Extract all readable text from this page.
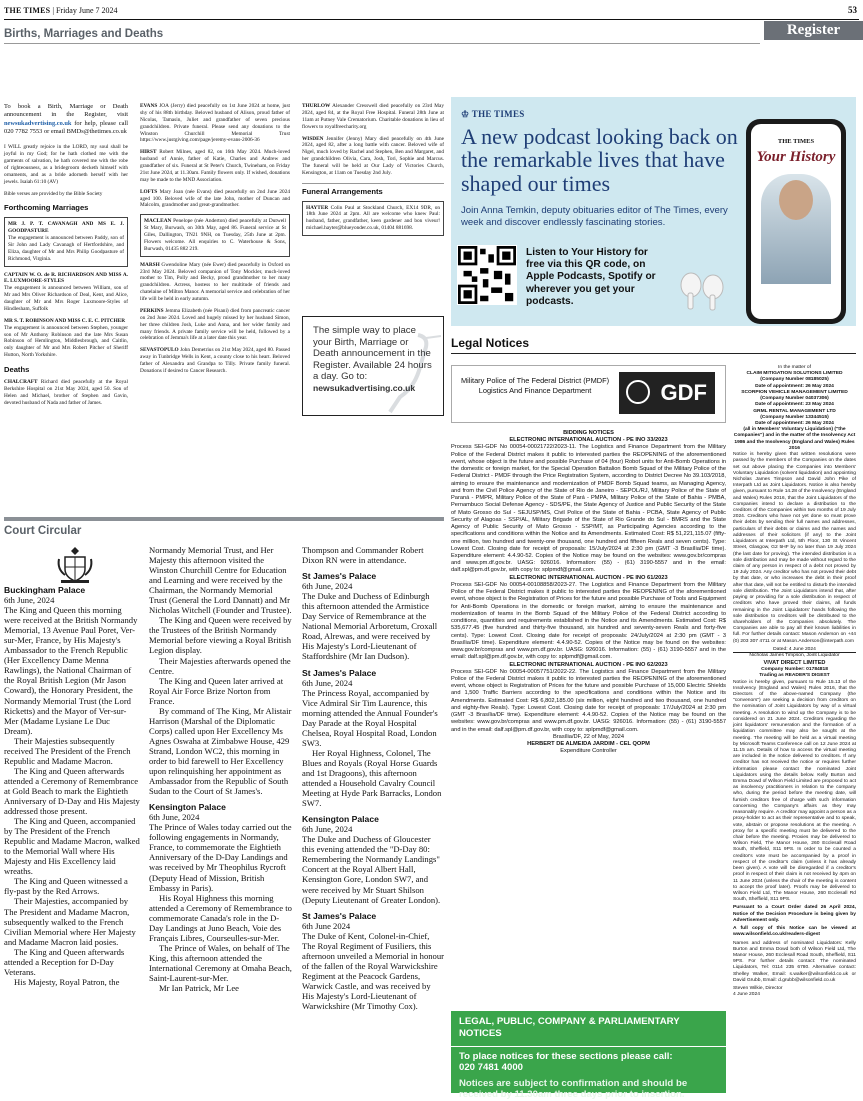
THE TIMES | Friday June 7 2024	53
Register
Births, Marriages and Deaths

To book a Birth, Marriage or Death announcement in the Register, visit newsukadvertising.co.uk for help, please call 020 7782 7553 or email BMDs@thetimes.co.uk

I WILL greatly rejoice in the LORD, my soul shall be joyful in my God; for he hath clothed me with the garments of salvation, he hath covered me with the robe of righteousness, as a bridegroom decketh himself with ornaments, and as a bride adorneth herself with her jewels. Isaiah 61:10 (AV)

Bible verses are provided by the Bible Society

Forthcoming Marriages
MR J. P. T. CAVANAGH AND MS E. J. GOODPASTURE
The engagement is announced between Paddy, son of Sir John and Lady Cavanagh of Hertfordshire, and Eliza, daughter of Mr and Mrs Philip Goodpasture of Richmond, Virginia.

CAPTAIN W. O. de R. RICHARDSON AND MISS A. E. LUXMOORE-STYLES
The engagement is announced between William, son of Mr and Mrs Oliver Richardson of Deal, Kent, and Alice, daughter of Mr and Mrs Roger Luxmoore-Styles of Hindlesham, Suffolk

MR S. T. ROBINSON AND MISS C. E. C. PITCHER
The engagement is announced between Stephen, younger son of Mr Anthony Robinson and the late Mrs Susan Robinson of Hemlington, Middlesbrough, and Caitlin, only daughter of Mr and Mrs Robert Pitcher of Sheriff Hutton, North Yorkshire.

Deaths

CHALCRAFT Richard died peacefully at the Royal Berkshire Hospital on 21st May 2024, aged 50. Son of Helen and Michael, brother of Stephen and Gavin, devoted husband of Nada and father of James.

EVANS JOA (Jerry) died peacefully on 1st June 2024 at home, just shy of his 88th birthday. Beloved husband of Alison, proud father of Nicolas, Tamasin, Juliet and grandfather of seven precious grandchildren. Private funeral. Please send any donations to the Winston Churchill Memorial Trust https://www.justgiving.com/page/jeremy-evans-2006-36

HIRST Robert Milnes, aged 82, on 16th May 2024. Much-loved husband of Annie, father of Katie, Charles and Andrew and grandfather of six. Funeral at St Peter's Church, Twineham, on Friday 21st June 2024, at 11.30am. Family flowers only. If wished, donations may be made to the MND Association.

LOFTS Mary Joan (née Evans) died peacefully on 2nd June 2024 aged 100. Beloved wife of the late John, mother of Duncan and Malcolm, grandmother and great-grandmother.

MACLEAN Penelope (née Anderton) died peacefully at Dutwell St Mary, Burwash, on 30th May, aged 86. Funeral service at St Giles, Dallington, TN21 9NH, on Tuesday, 25th June at 2pm. Flowers welcome. All enquiries to C. Waterhouse & Sons, Burwash, 01435 882 219.

MARSH Gwendoline Mary (née Ewer) died peacefully in Oxford on 23rd May 2024. Beloved companion of Tony Mockler, much-loved mother to Tim, Polly and Becky, proud grandmother to her many grandchildren. Actress, hostess to her multitude of friends and chatelaine of Milton Manor. A memorial service and celebration of her life will be held in early autumn.

PERKINS Jemma Elizabeth (née Pisani) died from pancreatic cancer on 2nd June 2024. Loved and hugely missed by her husband Simon, her three children Josh, Luke and Anna, and her wider family and many friends. A private family service will be held, followed by a celebration of Jemma's life at a later date this year.

SEVASTOPULO John Demetrius on 21st May 2024, aged 80. Passed away in Tunbridge Wells in Kent, a county close to his heart. Beloved father of Alexandra and Grandpa to Tilly. Private family funeral. Donations if desired to Cancer Research.

THURLOW Alexander Cresswell died peacefully on 23rd May 2024, aged 84, at the Royal Free Hospital. Funeral 28th June at 11am at Putney Vale Crematorium. Charitable donations in lieu of flowers to royalfreecharity.org

WISDEN Jennifer (Jenny) Mary died peacefully on 4th June 2024, aged 82, after a long battle with cancer. Beloved wife of Nigel, much loved by Rachel and Stephen, Ben and Margaret, and her grandchildren Olivia, Cara, Josh, Tori, Sophie and Marcus. The funeral will be held at Our Lady of Victories Church, Kensington, at 11am on Tuesday 2nd July.

Funeral Arrangements
HAYTER Colin Paul at Stockland Church, EX14 9DR, on 18th June 2024 at 2pm. All are welcome who knew Paul: husband, father, grandfather, keen gardener and bon viveur! michael.hayter@blueyonder.co.uk, 01404 881698.
The simple way to place your Birth, Marriage or Death announcement in the Register. Available 24 hours a day. Go to:
newsukadvertising.co.uk
♔ THE TIMES
A new podcast looking back on the remarkable lives that have shaped our times
Join Anna Temkin, deputy obituaries editor of The Times, every week and discover endlessly fascinating stories.
Listen to Your History for free via this QR code, on Apple Podcasts, Spotify or wherever you get your podcasts.
THE TIMES
Your History
Legal Notices
Military Police of The Federal District (PMDF) Logistics And Finance Department	GDF
BIDDING NOTICES
ELECTRONIC INTERNATIONAL AUCTION - PE INO 33/2023
Process SEI-GDF No 00054-00021722/2023-11. The Logistics and Finance Department from the Military Police of the Federal District makes it public to interested parties the REOPENING of the aforementioned event, whose object is the future and possible Purchase of 04 (four) Robot units for Anti-Bomb Operations in the domestic or foreign market, for the Special Operation Battalion Bomb Squad of the Military Police of the Federal District - PMDF through the Price Registration System, according to District Decree No 39.103/2018, aiming to ensure the maintenance and modernization of PMDF Bomb Squad teams, as Managing Agency, and from the Civil Police Agency of the State of Rio de Janeiro - SEPOL/RJ, Military Police of the State of Paraná - PMPR, Military Police of the State of Pará - PMPA, Military Police of the State of Bahia - PMBA, Pernambuco Social Defense Agency - SDS/PE, the State Agency of Justice and Public Security of the State of Mato Grosso do Sul - SEJUSP/MS, Civil Police of the State of Bahia - PCBA, State Agency of Public Security of Alagoas - SSP/AL, Military Brigade of the State of Rio Grande do Sul - BMRS and the State Agency of Public Security of Mato Grosso - SSP/MT, as Participating Agencies according to the specifications and conditions within the Notice and its Amendments. Estimated Cost: R$ 51,221,115.07 (fifty-one million, two hundred and twenty-one thousand, one hundred and fifteen Reals and seven cents). Type: Lowest Cost. Closing date for receipt of proposals: 15/July/2024 at 2:30 pm (GMT -3 Brasília/DF time). Expenditure element: 4.4.90-52. Copies of the Notice may be found on the websites: www.gov.br/compras and www.pm.df.gov.br. UASG: 926016. Information: (55) - (61) 3190-5557 and in the email: dalf.spl@pm.df.gov.br, with copy to: splpmdf@gmail.com.
ELECTRONIC INTERNATIONAL AUCTION - PE INO 61/2023
Process SEI-GDF No 00054-00108858/2023-27. The Logistics and Finance Department from the Military Police of the Federal District makes it public to interested parties the REOPENING of the aforementioned event, whose object is the Registration of Prices for the future and possible Purchase of Tools and Equipment for Anti-Bomb Operations in the domestic or foreign market, aiming to ensure the maintenance and modernization of teams in the Bomb Squad of the Military Police of the Federal District according to conditions, quantities and requirements established in the Notice and its Amendments. Estimated Cost: R$ 535,677.45 (five hundred and thirty-five thousand, six hundred and seventy-seven Reals and forty-five cents). Type: Lowest Cost. Closing date for receipt of proposals: 24/July/2024 at 2:30 pm (GMT - 3 Brasília/DF time). Expenditure element: 4.4.90-52. Copies of the Notice may be found on the websites: www.gov.br/compras and www.pm.df.gov.br. UASG: 926016. Information: (55) - (61) 3190-5557 and in the email: dalf.spl@pm.df.gov.br, with copy to: splpmdf@gmail.com.
ELECTRONIC INTERNATIONAL AUCTION - PE INO 62/2023
Process SEI-GDF No 00054-00057751/2022-22. The Logistics and Finance Department from the Military Police of the Federal District makes it public to interested parties the REOPENING of the aforementioned event, whose object is Registration of Prices for the future and possible Purchase of 15,000 Electric Shields and 1,500 Traffic Barriers according to the specifications and conditions within the Notice and its Amendments. Estimated Cost: R$ 6,802,185.00 (six million, eight hundred and two thousand, one hundred and eighty-five Reals). Type: Lowest Cost. Closing date for receipt of proposals: 17/July/2024 at 2:30 pm (GMT -3 Brasília/DF time). Expenditure element: 4.4.90-52. Copies of the Notice may be found on the websites: www.gov.br/compras and www.pm.df.gov.br. UASG: 926016. Information: (55) - (61) 3190-5557 and in the email: dalf.spl@pm.df.gov.br, with copy to: splpmdf@gmail.com.
Brasília/DF, 22 of May, 2024
HERBERT DE ALMEIDA JARDIM - CEL QOPM
Expenditure Controller
In the matter of
CLAIM MITIGATION SOLUTIONS LIMITED
(Company Number 08185025)
Date of appointment: 26 May 2024
SCORPION VEHICLE MANAGEMENT LIMITED
(Company Number 04037306)
Date of appointment: 23 May 2024
GRML RENTAL MANAGEMENT LTD
(Company Number 13344515)
Date of appointment: 26 May 2024
(all in Members' Voluntary Liquidation) ("the Companies") and in the matter of the Insolvency Act 1986 and the Insolvency (England and Wales) Rules 2016

Notice is hereby given that written resolutions were passed by the members of the Companies on the dates set out above placing the Companies into Members' Voluntary Liquidation (solvent liquidation) and appointing Nicholas James Timpson and David John Pike of Interpath Ltd as Joint Liquidators. Notice is also hereby given, pursuant to Rule 14.28 of the Insolvency (England and Wales) Rules 2016, that the Joint Liquidators of the Companies intend to declare a distribution to the creditors of the Companies within two months of 19 July 2024. Creditors who have not yet done so must prove their debts by sending their full names and addresses, particulars of their debts or claims and the names and addresses of their solicitors (if any) to the Joint Liquidators at Interpath Ltd, 5th Floor, 130 St Vincent Street, Glasgow, G2 5HF by no later than 19 July 2024 (the last date for proving). The intended distribution is a sole distribution and may be made without regard to the claim of any person in respect of a debt not proved by 19 July 2024. Any creditor who has not proved their debt by that date, or who increases the debt in their proof after that date, will not be entitled to disturb the intended sole distribution. The Joint Liquidators intend that, after paying or providing for a sole distribution in respect of creditors who have proved their claims, all funds remaining in the Joint Liquidators' hands following the sole distribution to creditors will be distributed to the shareholders of the Companies absolutely. The Companies are able to pay all their known liabilities in full. For further details contact: Mason Anderson on +44 (0) 203 307 4711 or at Mason.Anderson@interpath.com

Dated: 4 June 2024
Nicholas James Timpson, Joint Liquidator
VIVAT DIRECT LIMITED
Company Number: 01784818
Trading as READER'S DIGEST

Notice is hereby given, pursuant to Rule 15.13 of the Insolvency (England and Wales) Rules 2016, that the Directors of the above-named Company (the "convenors") are seeking a decision from creditors on the nomination of Joint Liquidators by way of a virtual meeting. A resolution to wind up the Company is to be considered on 21 June 2024. Creditors regarding the joint liquidators' remuneration and the formation of a liquidation committee may also be sought at the meeting. The meeting will be held as a virtual meeting by Microsoft Teams Conference call on 12 June 2024 at 11.15 am. Details of how to access the virtual meeting are included in the notice delivered to creditors. If any creditor has not received the notice or requires further information please contact the nominated Joint Liquidators using the details below. Kelly Burton and Emma Dowd of Wilson Field Limited are proposed to act as insolvency practitioners in relation to the company who, during the period before the meeting date, will furnish creditors free of charge with such information concerning the Company's affairs as they may reasonably require. A creditor may appoint a person as a proxy-holder to act as their representative and to speak, vote, abstain or propose resolutions at the meeting. A proxy for a specific meeting must be delivered to the chair before the meeting. Proxies may be delivered to Wilson Field, The Manor House, 260 Ecclesall Road South, Sheffield, S11 9PS. In order to be counted a creditor's vote must be accompanied by a proof in respect of the creditor's claim (unless it has already been given). A vote will be disregarded if a creditor's proof in respect of their claim is not received by 4pm on 11 June 2024 (unless the chair of the meeting is content to accept the proof later). Proofs may be delivered to Wilson Field Ltd, The Manor House, 260 Ecclesall Rd South, Sheffield, S11 9PS.

Pursuant to a Court Order dated 26 April 2024, Notice of the Decision Procedure is being given by Advertisement only.

A full copy of this Notice can be viewed at www.wilsonfield.co.uk/readers-digest

Names and address of nominated Liquidators: Kelly Burton and Emma Dowd both of Wilson Field Ltd, The Manor House, 260 Ecclesall Road South, Sheffield, S11 9PS. For further details contact: The nominated Liquidators, Tel: 0114 235 6780. Alternative contact: Shelley Walker, Email: s.walker@wilsonfield.co.uk or David Grubb, Email: d.grubb@wilsonfield.co.uk

Steven Wilkie, Director
4 June 2024
LEGAL, PUBLIC, COMPANY & PARLIAMENTARY NOTICES
To place notices for these sections please call:
020 7481 4000
Notices are subject to confirmation and should be received by 11.30am three days prior to insertion.
Court Circular

Buckingham Palace

6th June, 2024

The King and Queen this morning were received at the British Normandy Memorial, 13 Avenue Paul Poret, Ver-sur-Mer, France, by His Majesty's Ambassador to the French Republic (Her Excellency Dame Menna Rawlings), the National Chairman of the Royal British Legion (Mr Jason Coward), the Honorary President, the Normandy Memorial Trust (the Lord Ricketts) and the Mayor of Ver-sur-Mer (Madame Lysiane Le Duc Dream).

Their Majesties subsequently received The President of the French Republic and Madame Macron.

The King and Queen afterwards attended a Ceremony of Remembrance at Gold Beach to mark the Eightieth Anniversary of D-Day and His Majesty addressed those present.

The King and Queen, accompanied by The President of the French Republic and Madame Macron, walked to the Memorial Wall where His Majesty and His Excellency laid wreaths.

The King and Queen witnessed a fly-past by the Red Arrows.

Their Majesties, accompanied by The President and Madame Macron, subsequently walked to the French Civilian Memorial where Her Majesty and Madame Macron laid posies.

The King and Queen afterwards attended a Reception for D-Day Veterans.

His Majesty, Royal Patron, the

Normandy Memorial Trust, and Her Majesty this afternoon visited the Winston Churchill Centre for Education and Learning and were received by the Chairman, the Normandy Memorial Trust (General the Lord Dannatt) and Mr Nicholas Witchell (Founder and Trustee).

The King and Queen were received by the Trustees of the British Normandy Memorial before viewing a Royal British Legion display.

Their Majesties afterwards opened the Centre.

The King and Queen later arrived at Royal Air Force Brize Norton from France.

By command of The King, Mr Alistair Harrison (Marshal of the Diplomatic Corps) called upon Her Excellency Ms Agnes Oswaha at Zimbabwe House, 429 Strand, London WC2, this morning in order to bid farewell to Her Excellency upon relinquishing her appointment as Ambassador from the Republic of South Sudan to the Court of St James's.

Kensington Palace

6th June, 2024

The Prince of Wales today carried out the following engagements in Normandy, France, to commemorate the Eightieth Anniversary of the D-Day Landings and was received by Mr Theophilus Rycroft (Deputy Head of Mission, British Embassy in Paris).

His Royal Highness this morning attended a Ceremony of Remembrance to commemorate Canada's role in the D-Day Landings at Juno Beach, Voie des Français Libres, Courseulles-sur-Mer.

The Prince of Wales, on behalf of The King, this afternoon attended the International Ceremony at Omaha Beach, Saint-Laurent-sur-Mer.

Mr Ian Patrick, Mr Lee

Thompson and Commander Robert Dixon RN were in attendance.

St James's Palace

6th June, 2024

The Duke and Duchess of Edinburgh this afternoon attended the Armistice Day Service of Remembrance at the National Memorial Arboretum, Croxall Road, Alrewas, and were received by His Majesty's Lord-Lieutenant of Staffordshire (Mr Ian Dudson).

St James's Palace

6th June, 2024

The Princess Royal, accompanied by Vice Admiral Sir Tim Laurence, this morning attended the Annual Founder's Day Parade at the Royal Hospital Chelsea, Royal Hospital Road, London SW3.

Her Royal Highness, Colonel, The Blues and Royals (Royal Horse Guards and 1st Dragoons), this afternoon attended a Household Cavalry Council Meeting at Hyde Park Barracks, London SW7.

Kensington Palace

6th June, 2024

The Duke and Duchess of Gloucester this evening attended the "D-Day 80: Remembering the Normandy Landings" Concert at the Royal Albert Hall, Kensington Gore, London SW7, and were received by Mr Stuart Shilson (Deputy Lieutenant of Greater London).

St James's Palace

6th June 2024

The Duke of Kent, Colonel-in-Chief, The Royal Regiment of Fusiliers, this afternoon unveiled a Memorial in honour of the fallen of the Royal Warwickshire Regiment at the Peacock Gardens, Warwick Castle, and was received by His Majesty's Lord-Lieutenant of Warwickshire (Mr Timothy Cox).
